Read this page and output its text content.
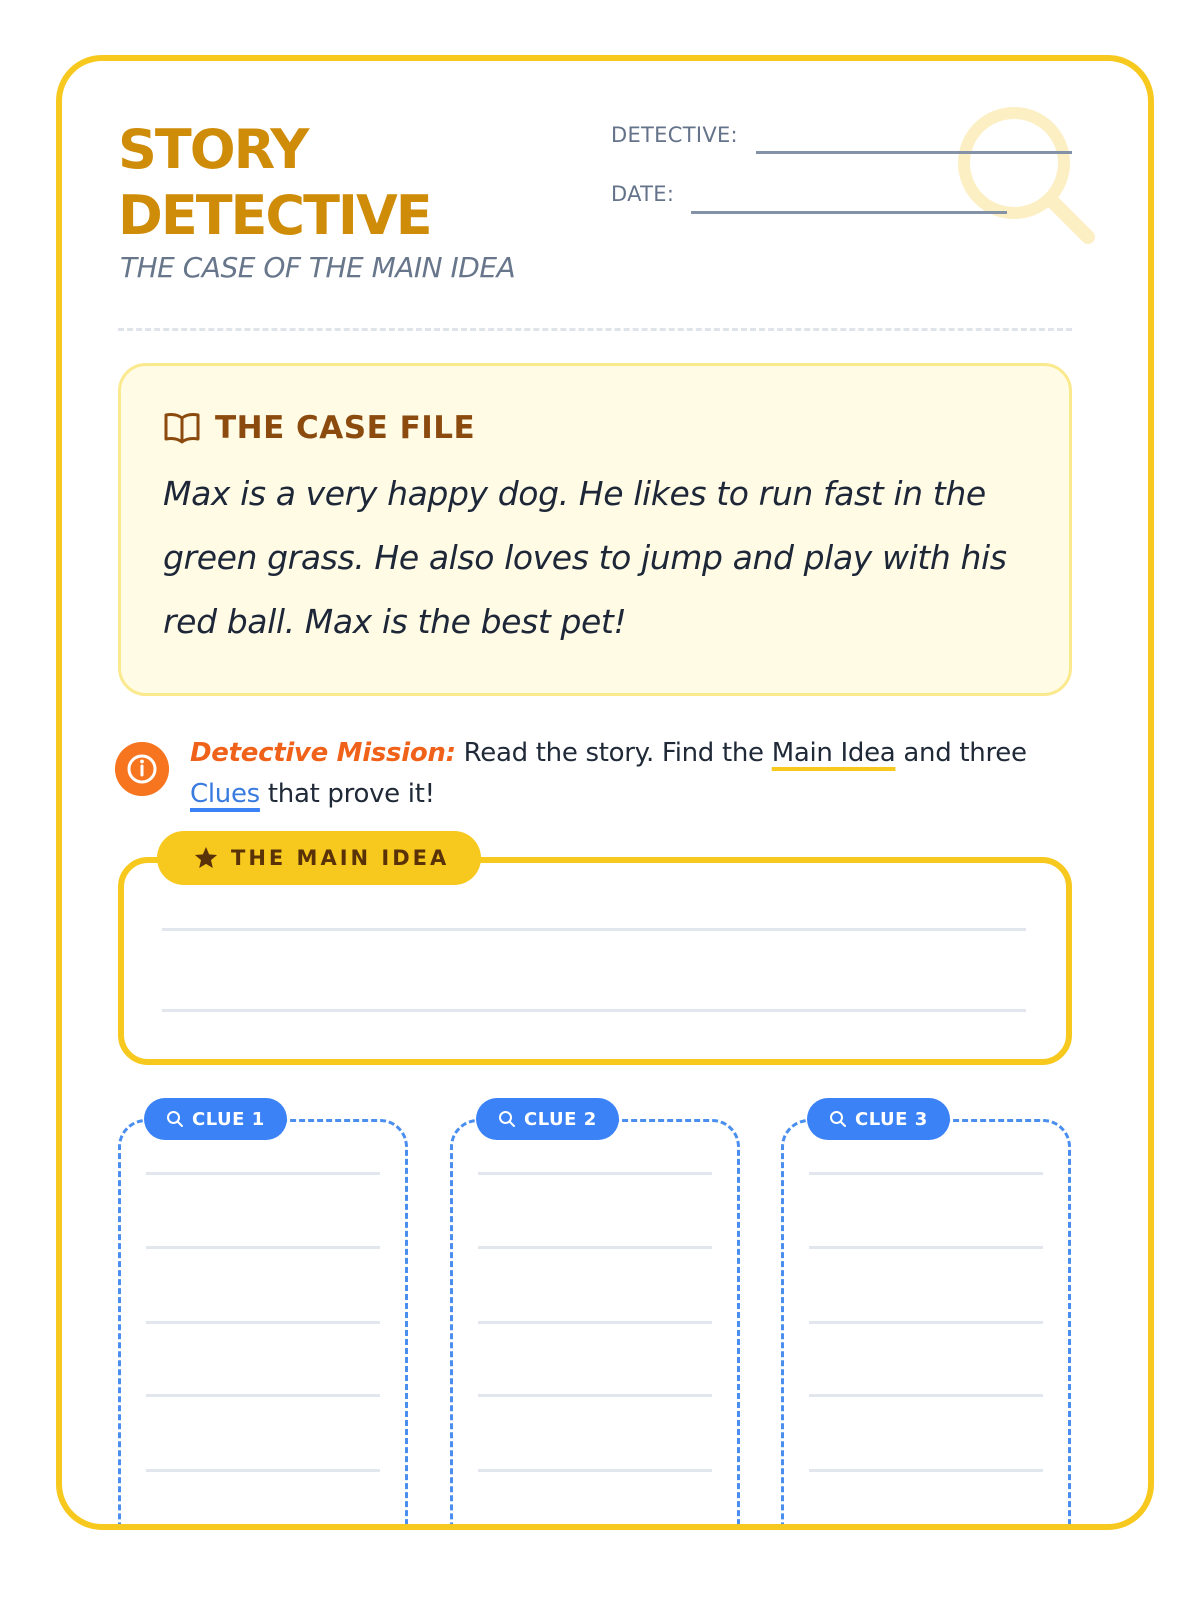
STORY
DETECTIVE
THE CASE OF THE MAIN IDEA
DETECTIVE:
DATE:
THE CASE FILE

Max is a very happy dog. He likes to run fast in the green grass. He also loves to jump and play with his red ball. Max is the best pet!

Detective Mission: Read the story. Find the Main Idea and three Clues that prove it!

THE MAIN IDEA
CLUE 1	CLUE 2	CLUE 3
